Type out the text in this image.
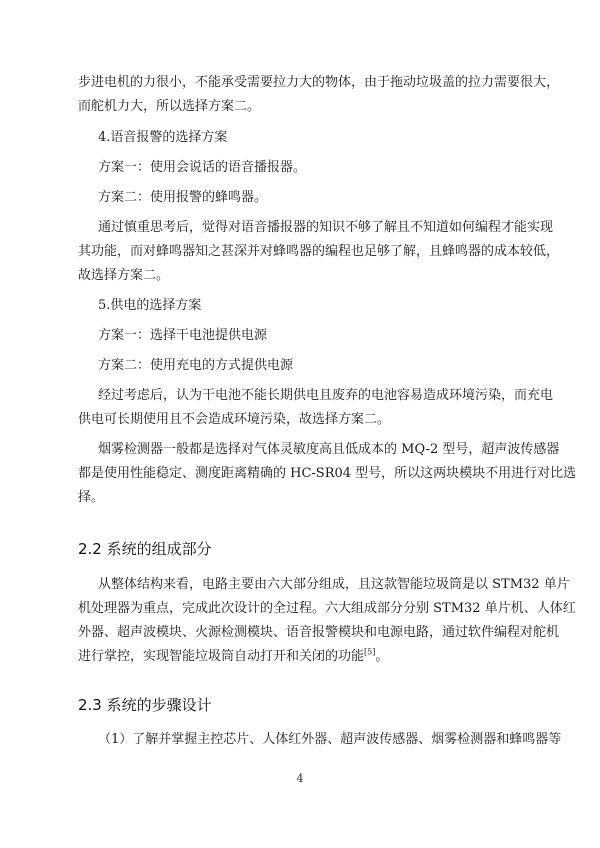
步进电机的力很小，不能承受需要拉力大的物体，由于拖动垃圾盖的拉力需要很大，
而舵机力大，所以选择方案二。
4.语音报警的选择方案
方案一：使用会说话的语音播报器。
方案二：使用报警的蜂鸣器。
通过慎重思考后，觉得对语音播报器的知识不够了解且不知道如何编程才能实现
其功能，而对蜂鸣器知之甚深并对蜂鸣器的编程也足够了解，且蜂鸣器的成本较低，
故选择方案二。
5.供电的选择方案
方案一：选择干电池提供电源
方案二：使用充电的方式提供电源
经过考虑后，认为干电池不能长期供电且废弃的电池容易造成环境污染，而充电
供电可长期使用且不会造成环境污染，故选择方案二。
烟雾检测器一般都是选择对气体灵敏度高且低成本的 MQ-2 型号，超声波传感器
都是使用性能稳定、测度距离精确的 HC-SR04 型号，所以这两块模块不用进行对比选
择。
2.2 系统的组成部分
从整体结构来看，电路主要由六大部分组成，且这款智能垃圾筒是以 STM32 单片
机处理器为重点，完成此次设计的全过程。六大组成部分分别 STM32 单片机、人体红
外器、超声波模块、火源检测模块、语音报警模块和电源电路，通过软件编程对舵机
进行掌控，实现智能垃圾筒自动打开和关闭的功能[5]。
2.3 系统的步骤设计
（1）了解并掌握主控芯片、人体红外器、超声波传感器、烟雾检测器和蜂鸣器等
4
